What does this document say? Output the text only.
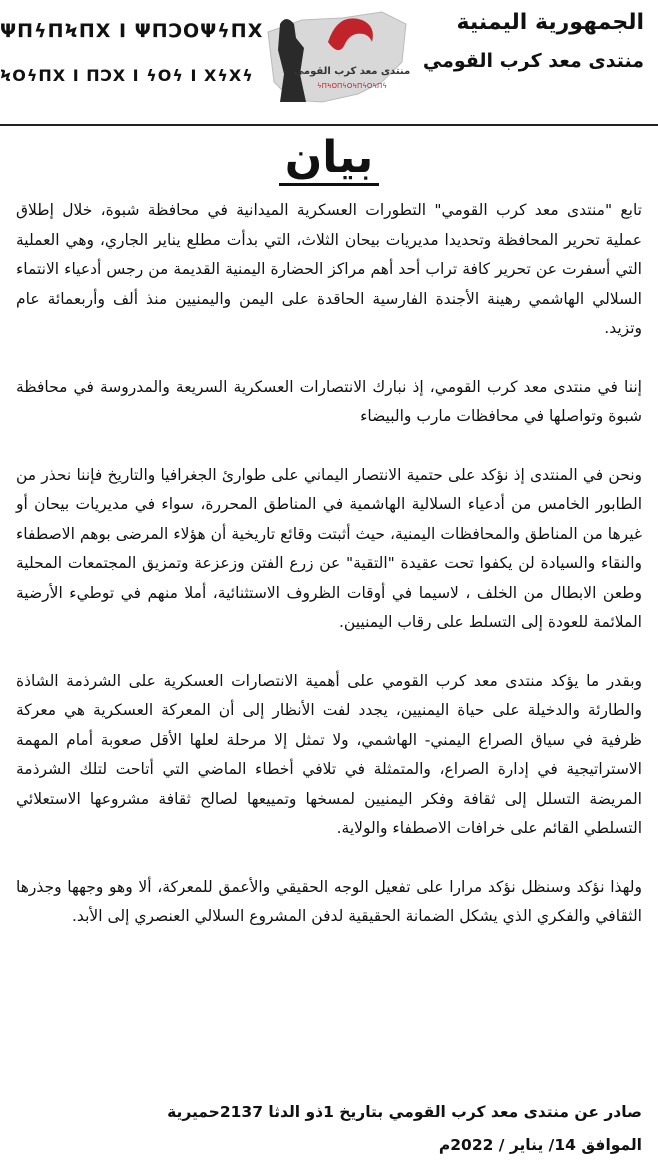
ΨΠϟΠϞΠΧ Ι ΨΠϽΟΨϟΠΧ
ϞΟϟΠΧ Ι ΠϽΧ Ι ϟΟϟ Ι ΧϟΧϟ	منتدى معد كرب القومي
ϟΠϞΟΠϟΟϞΠϟΟϞΠϟ
الجمهورية اليمنية
منتدى معد كرب القومي
بيان

تابع "منتدى معد كرب القومي" التطورات العسكرية الميدانية في محافظة شبوة، خلال إطلاق عملية تحرير المحافظة وتحديدا مديريات بيحان الثلاث، التي بدأت مطلع يناير الجاري، وهي العملية التي أسفرت عن تحرير كافة تراب أحد أهم مراكز الحضارة اليمنية القديمة من رجس أدعياء الانتماء السلالي الهاشمي رهينة الأجندة الفارسية الحاقدة على اليمن واليمنيين منذ ألف وأربعمائة عام وتزيد.

إننا في منتدى معد كرب القومي، إذ نبارك الانتصارات العسكرية السريعة والمدروسة في محافظة شبوة وتواصلها في محافظات مارب والبيضاء

ونحن في المنتدى إذ نؤكد على حتمية الانتصار اليماني على طوارئ الجغرافيا والتاريخ فإننا نحذر من الطابور الخامس من أدعياء السلالية الهاشمية في المناطق المحررة، سواء في مديريات بيحان أو غيرها من المناطق والمحافظات اليمنية، حيث أثبتت وقائع تاريخية أن هؤلاء المرضى بوهم الاصطفاء والنقاء والسيادة لن يكفوا تحت عقيدة "التقية" عن زرع الفتن وزعزعة وتمزيق المجتمعات المحلية وطعن الابطال من الخلف ، لاسيما في أوقات الظروف الاستثنائية، أملا منهم في توطيء الأرضية الملائمة للعودة إلى التسلط على رقاب اليمنيين.

وبقدر ما يؤكد منتدى معد كرب القومي على أهمية الانتصارات العسكرية على الشرذمة الشاذة والطارئة والدخيلة على حياة اليمنيين، يجدد لفت الأنظار إلى أن المعركة العسكرية هي معركة ظرفية في سياق الصراع اليمني- الهاشمي، ولا تمثل إلا مرحلة لعلها الأقل صعوبة أمام المهمة الاستراتيجية في إدارة الصراع، والمتمثلة في تلافي أخطاء الماضي التي أتاحت لتلك الشرذمة المريضة التسلل إلى ثقافة وفكر اليمنيين لمسخها وتمييعها لصالح ثقافة مشروعها الاستعلائي التسلطي القائم على خرافات الاصطفاء والولاية.

ولهذا نؤكد وسنظل نؤكد مرارا على تفعيل الوجه الحقيقي والأعمق للمعركة، ألا وهو وجهها وجذرها الثقافي والفكري الذي يشكل الضمانة الحقيقية لدفن المشروع السلالي العنصري إلى الأبد.

صادر عن منتدى معد كرب القومي بتاريخ 1ذو الدثا 2137حميرية
الموافق 14/ يناير / 2022م
